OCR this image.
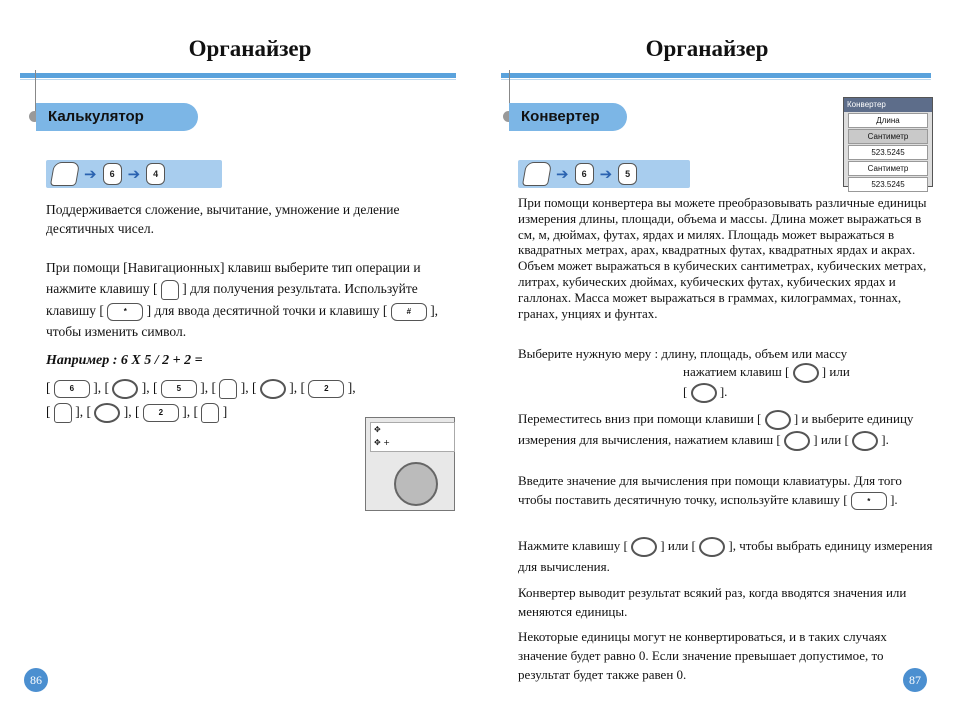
Органайзер
Калькулятор
➔	6 ➔	4
Поддерживается сложение, вычитание, умножение и деление десятичных чисел.
При помощи [Навигационных] клавиш выберите тип операции и нажмите клавишу [ ] для получения результата. Используйте клавишу [ * ] для ввода десятичной точки и клавишу [ # ], чтобы изменить символ.
Например : 6 X 5 / 2 + 2 =
[ 6 ], [  ], [ 5 ], [  ], [  ], [ 2 ],
[  ], [  ], [ 2 ], [  ]
✥
✥ +
86
Органайзер
Конвертер
Конвертер
Длина
Сантиметр
523.5245
Сантиметр
523.5245
➔	6 ➔	5
При помощи конвертера вы можете преобразовывать различные единицы измерения длины, площади, объема и массы. Длина может выражаться в см, м, дюймах, футах, ярдах и милях. Площадь может выражаться в квадратных метрах, арах, квадратных футах, квадратных ярдах и акрах. Объем может выражаться в кубических сантиметрах, кубических метрах, литрах, кубических дюймах, кубических футах, кубических ярдах и галлонах. Масса может выражаться в граммах, килограммах, тоннах, гранах, унциях и фунтах.
Выберите нужную меру : длину, площадь, объем или массу
нажатием клавиш [	] или
[  ].
Переместитесь вниз при помощи клавиши [	] и выберите единицу измерения для вычисления, нажатием клавиш [	] или [  ].
Введите значение для вычисления при помощи клавиатуры. Для того чтобы поставить десятичную точку, используйте клавишу [ * ].
Нажмите клавишу [	] или [	], чтобы выбрать единицу измерения для вычисления.
Конвертер выводит результат всякий раз, когда вводятся значения или меняются единицы.
Некоторые единицы могут не конвертироваться, и в таких случаях значение будет равно 0. Если значение превышает допустимое, то результат будет также равен 0.	87
